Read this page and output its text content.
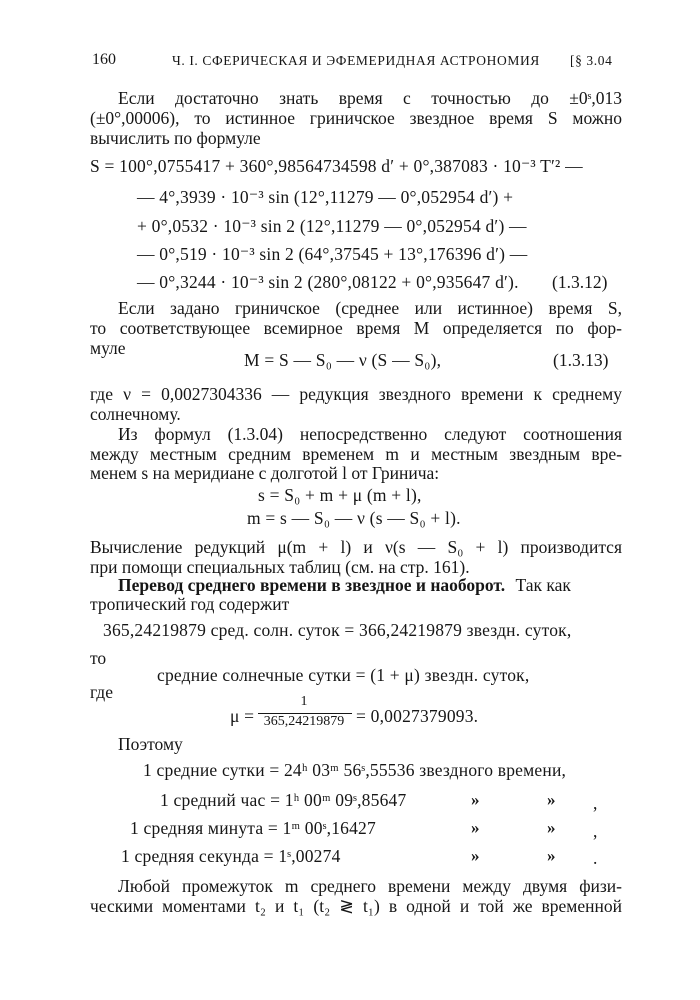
160	Ч. I. СФЕРИЧЕСКАЯ И ЭФЕМЕРИДНАЯ АСТРОНОМИЯ [§ 3.04
Если достаточно знать время с точностью до ±0ˢ,013
(±0°,00006), то истинное гриничское звездное время S можно
вычислить по формуле
S = 100°,0755417 + 360°,98564734598 d′ + 0°,387083 · 10⁻³ T′² —
— 4°,3939 · 10⁻³ sin (12°,11279 — 0°,052954 d′) +
+ 0°,0532 · 10⁻³ sin 2 (12°,11279 — 0°,052954 d′) —
— 0°,519 · 10⁻³ sin 2 (64°,37545 + 13°,176396 d′) —
— 0°,3244 · 10⁻³ sin 2 (280°,08122 + 0°,935647 d′). (1.3.12)
Если задано гриничское (среднее или истинное) время S,
то соответствующее всемирное время M определяется по фор-
муле
M = S — S₀ — ν (S — S₀),	(1.3.13)
где ν = 0,0027304336 — редукция звездного времени к среднему
солнечному.
Из формул (1.3.04) непосредственно следуют соотношения
между местным средним временем m и местным звездным вре-
менем s на меридиане с долготой l от Гринича:
s = S₀ + m + μ (m + l),
m = s — S₀ — ν (s — S₀ + l).
Вычисление редукций μ(m + l) и ν(s — S₀ + l) производится
при помощи специальных таблиц (см. на стр. 161).
Перевод среднего времени в звездное и наоборот. Так как
тропический год содержит
365,24219879 сред. солн. суток = 366,24219879 звездн. суток,
то
средние солнечные сутки = (1 + μ) звездн. суток,
где
μ =
1
365,24219879 = 0,0027379093.
Поэтому
1 средние сутки = 24ʰ 03ᵐ 56ˢ,55536 звездного времени,
1 средний час = 1ʰ 00ᵐ 09ˢ,85647	»	» ,
1 средняя минута = 1ᵐ 00ˢ,16427	»	» ,
1 средняя секунда = 1ˢ,00274	»	» .
Любой промежуток m среднего времени между двумя физи-
ческими моментами t₂ и t₁ (t₂ ≷ t₁) в одной и той же временной
